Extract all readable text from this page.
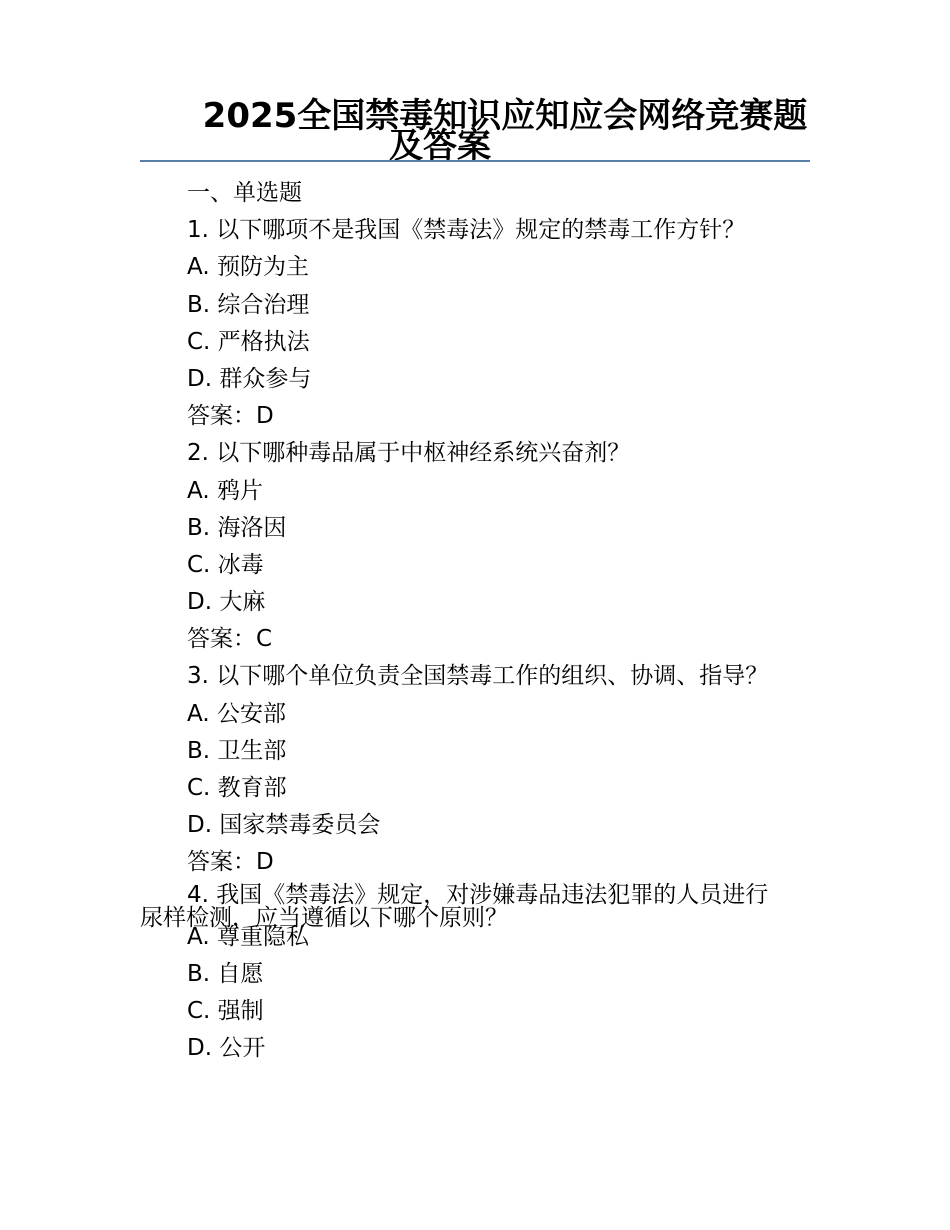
2025全国禁毒知识应知应会网络竞赛题
及答案
一、单选题
1. 以下哪项不是我国《禁毒法》规定的禁毒工作方针？
A. 预防为主
B. 综合治理
C. 严格执法
D. 群众参与
答案：D
2. 以下哪种毒品属于中枢神经系统兴奋剂？
A. 鸦片
B. 海洛因
C. 冰毒
D. 大麻
答案：C
3. 以下哪个单位负责全国禁毒工作的组织、协调、指导？
A. 公安部
B. 卫生部
C. 教育部
D. 国家禁毒委员会
答案：D
4. 我国《禁毒法》规定，对涉嫌毒品违法犯罪的人员进行
尿样检测，应当遵循以下哪个原则？
A. 尊重隐私
B. 自愿
C. 强制
D. 公开
